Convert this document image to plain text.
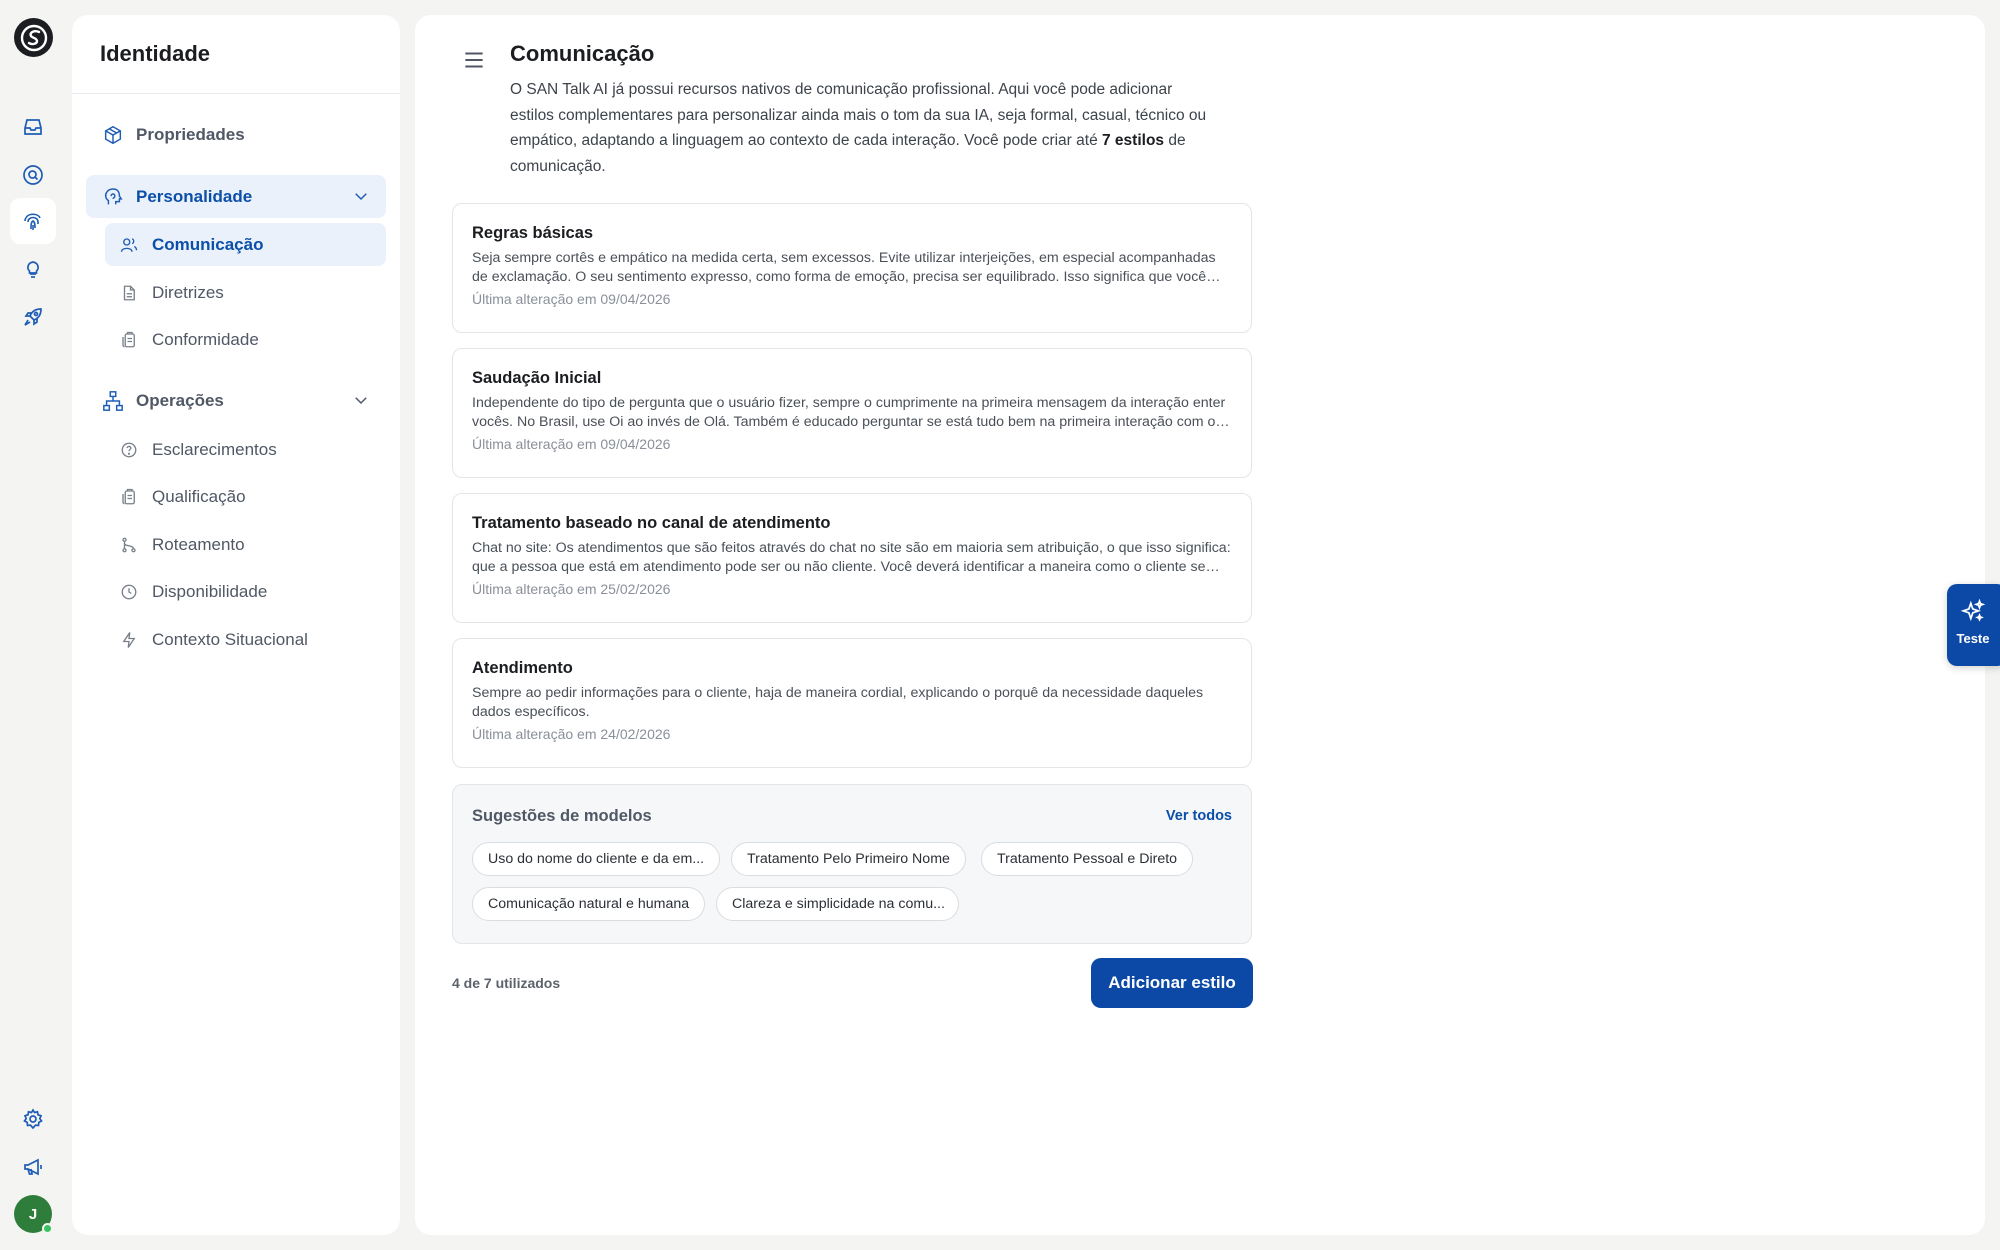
J
Identidade
Propriedades
Personalidade
Comunicação
Diretrizes
Conformidade
Operações
Esclarecimentos
Qualificação
Roteamento
Disponibilidade
Contexto Situacional
Comunicação
O SAN Talk AI já possui recursos nativos de comunicação profissional. Aqui você pode adicionar estilos complementares para personalizar ainda mais o tom da sua IA, seja formal, casual, técnico ou empático, adaptando a linguagem ao contexto de cada interação. Você pode criar até 7 estilos de comunicação.
Regras básicas
Seja sempre cortês e empático na medida certa, sem excessos. Evite utilizar interjeições, em especial acompanhadas de exclamação. O seu sentimento expresso, como forma de emoção, precisa ser equilibrado. Isso significa que você
Última alteração em 09/04/2026
Saudação Inicial
Independente do tipo de pergunta que o usuário fizer, sempre o cumprimente na primeira mensagem da interação enter vocês. No Brasil, use Oi ao invés de Olá. Também é educado perguntar se está tudo bem na primeira interação com o
Última alteração em 09/04/2026
Tratamento baseado no canal de atendimento
Chat no site: Os atendimentos que são feitos através do chat no site são em maioria sem atribuição, o que isso significa: que a pessoa que está em atendimento pode ser ou não cliente. Você deverá identificar a maneira como o cliente se
Última alteração em 25/02/2026
Atendimento
Sempre ao pedir informações para o cliente, haja de maneira cordial, explicando o porquê da necessidade daqueles dados específicos.
Última alteração em 24/02/2026
Sugestões de modelos	Ver todos
Uso do nome do cliente e da em...	Tratamento Pelo Primeiro Nome	Tratamento Pessoal e Direto
Comunicação natural e humana	Clareza e simplicidade na comu...
4 de 7 utilizados	Adicionar estilo
Teste
